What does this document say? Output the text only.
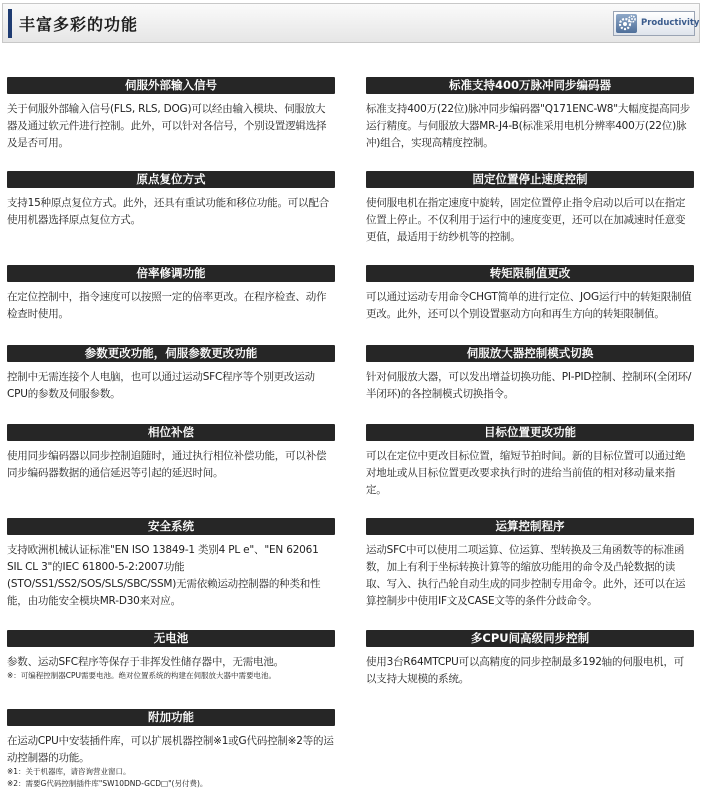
丰富多彩的功能	Productivity
伺服外部输入信号
关于伺服外部输入信号(FLS, RLS, DOG)可以经由输入模块、伺服放大器及通过软元件进行控制。此外，可以针对各信号，个别设置逻辑选择及是否可用。
原点复位方式
支持15种原点复位方式。此外，还具有重试功能和移位功能。可以配合使用机器选择原点复位方式。
倍率修调功能
在定位控制中，指令速度可以按照一定的倍率更改。在程序检查、动作检查时使用。
参数更改功能，伺服参数更改功能
控制中无需连接个人电脑，也可以通过运动SFC程序等个别更改运动CPU的参数及伺服参数。
相位补偿
使用同步编码器以同步控制追随时，通过执行相位补偿功能，可以补偿同步编码器数据的通信延迟等引起的延迟时间。
安全系统
支持欧洲机械认证标准"EN ISO 13849-1 类别4 PL e"、"EN 62061 SIL CL 3"的IEC 61800-5-2:2007功能(STO/SS1/SS2/SOS/SLS/SBC/SSM)无需依赖运动控制器的种类和性能，由功能安全模块MR-D30来对应。
无电池
参数、运动SFC程序等保存于非挥发性储存器中，无需电池。
※：可编程控制器CPU需要电池。绝对位置系统的构建在伺服放大器中需要电池。
附加功能
在运动CPU中安装插件库，可以扩展机器控制※1或G代码控制※2等的运动控制器的功能。
※1：关于机器库，请咨询营业窗口。
※2：需要G代码控制插件库"SW10DND-GCD□"(另付费)。
标准支持400万脉冲同步编码器
标准支持400万(22位)脉冲同步编码器"Q171ENC-W8"大幅度提高同步运行精度。与伺服放大器MR-J4-B(标准采用电机分辨率400万(22位)脉冲)组合，实现高精度控制。
固定位置停止速度控制
使伺服电机在指定速度中旋转，固定位置停止指令启动以后可以在指定位置上停止。不仅利用于运行中的速度变更，还可以在加减速时任意变更值，最适用于纺纱机等的控制。
转矩限制值更改
可以通过运动专用命令CHGT简单的进行定位、JOG运行中的转矩限制值更改。此外，还可以个别设置驱动方向和再生方向的转矩限制值。
伺服放大器控制模式切换
针对伺服放大器，可以发出增益切换功能、PI-PID控制、控制环(全闭环/半闭环)的各控制模式切换指令。
目标位置更改功能
可以在定位中更改目标位置，缩短节拍时间。新的目标位置可以通过绝对地址或从目标位置更改要求执行时的进给当前值的相对移动量来指定。
运算控制程序
运动SFC中可以使用二项运算、位运算、型转换及三角函数等的标准函数，加上有利于坐标转换计算等的缩放功能用的命令及凸轮数据的读取、写入、执行凸轮自动生成的同步控制专用命令。此外，还可以在运算控制步中使用IF文及CASE文等的条件分歧命令。
多CPU间高级同步控制
使用3台R64MTCPU可以高精度的同步控制最多192轴的伺服电机，可以支持大规模的系统。
